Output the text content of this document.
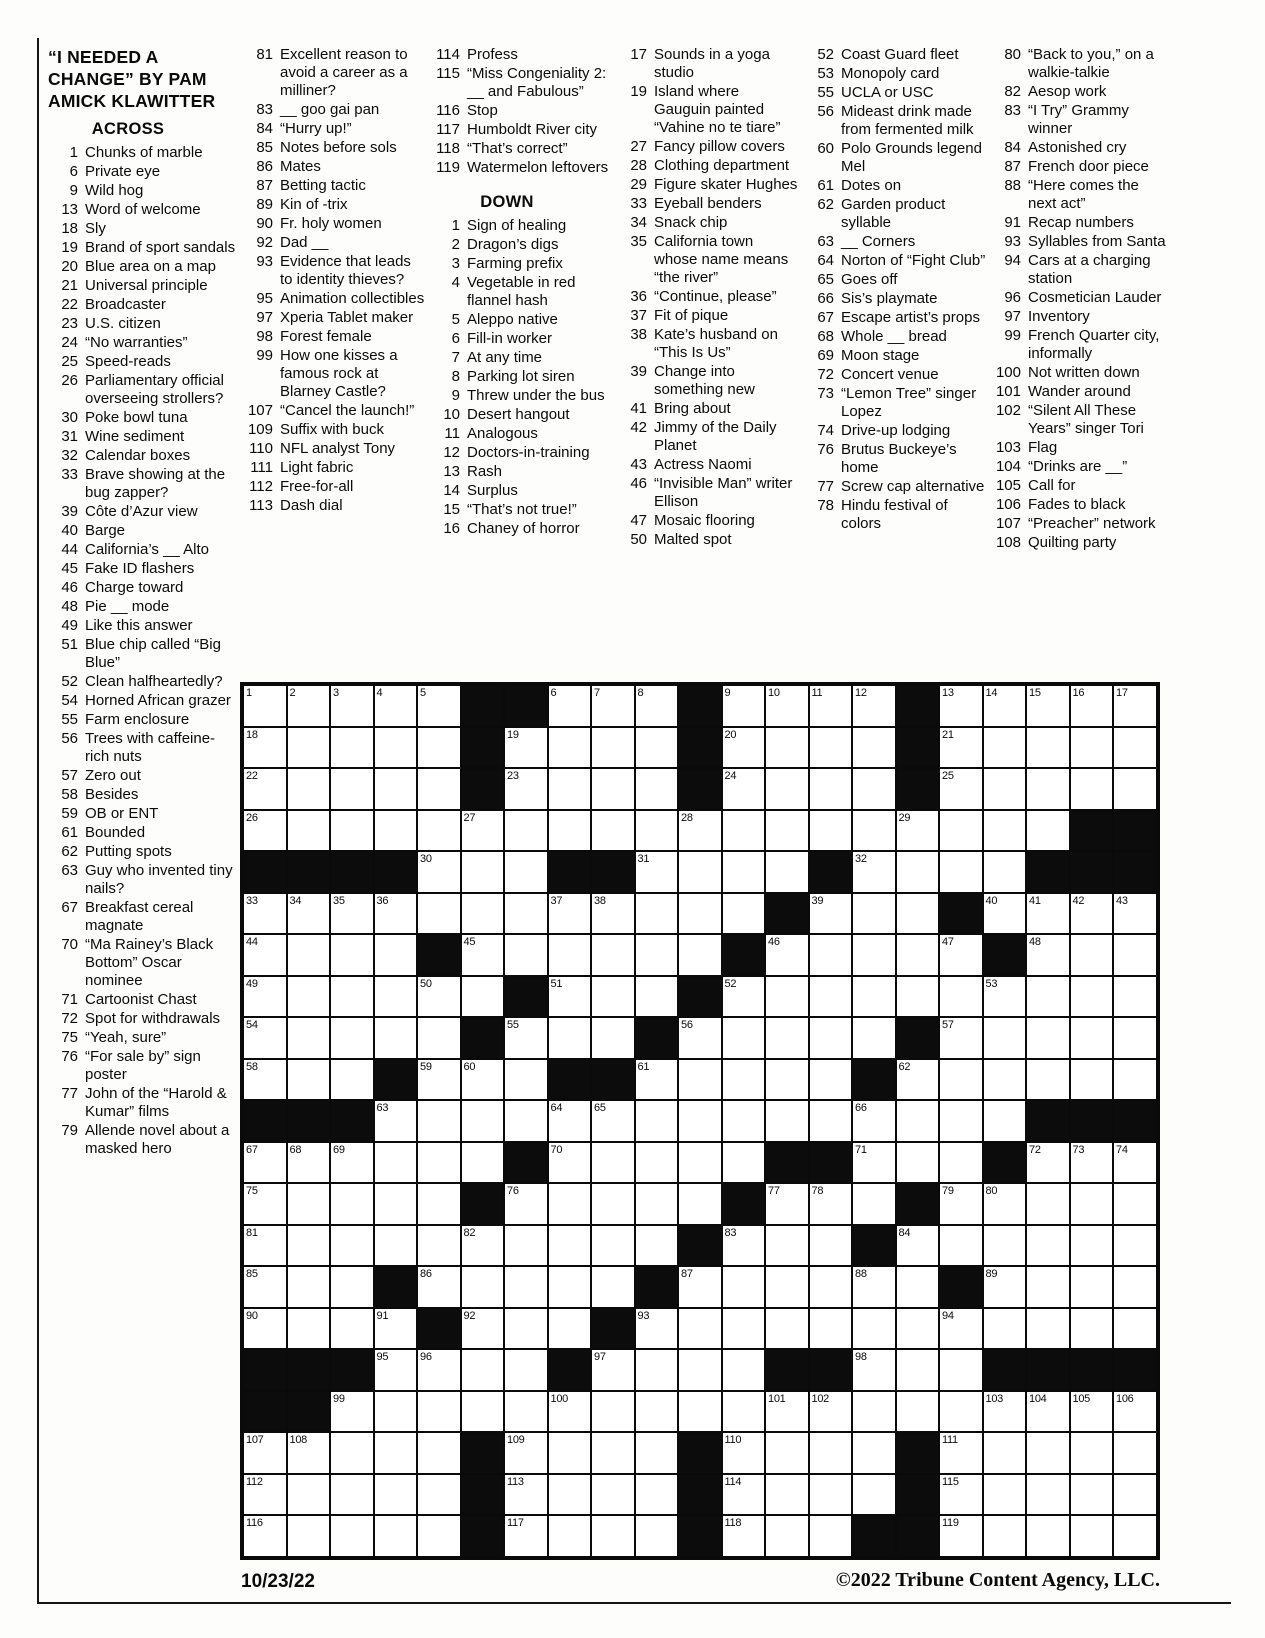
“I NEEDED A CHANGE” BY PAM AMICK KLAWITTER
ACROSS
1 Chunks of marble
6 Private eye
9 Wild hog
13 Word of welcome
18 Sly
19 Brand of sport sandals
20 Blue area on a map
21 Universal principle
22 Broadcaster
23 U.S. citizen
24 “No warranties”
25 Speed-reads
26 Parliamentary official overseeing strollers?
30 Poke bowl tuna
31 Wine sediment
32 Calendar boxes
33 Brave showing at the bug zapper?
39 Côte d’Azur view
40 Barge
44 California’s __ Alto
45 Fake ID flashers
46 Charge toward
48 Pie __ mode
49 Like this answer
51 Blue chip called “Big Blue”
52 Clean halfheartedly?
54 Horned African grazer
55 Farm enclosure
56 Trees with caffeine-rich nuts
57 Zero out
58 Besides
59 OB or ENT
61 Bounded
62 Putting spots
63 Guy who invented tiny nails?
67 Breakfast cereal magnate
70 “Ma Rainey’s Black Bottom” Oscar nominee
71 Cartoonist Chast
72 Spot for withdrawals
75 “Yeah, sure”
76 “For sale by” sign poster
77 John of the “Harold & Kumar” films
79 Allende novel about a masked hero
81 Excellent reason to avoid a career as a milliner?
83 __ goo gai pan
84 “Hurry up!”
85 Notes before sols
86 Mates
87 Betting tactic
89 Kin of -trix
90 Fr. holy women
92 Dad __
93 Evidence that leads to identity thieves?
95 Animation collectibles
97 Xperia Tablet maker
98 Forest female
99 How one kisses a famous rock at Blarney Castle?
107 “Cancel the launch!”
109 Suffix with buck
110 NFL analyst Tony
111 Light fabric
112 Free-for-all
113 Dash dial
114 Profess
115 “Miss Congeniality 2: __ and Fabulous”
116 Stop
117 Humboldt River city
118 “That’s correct”
119 Watermelon leftovers
DOWN
1 Sign of healing
2 Dragon’s digs
3 Farming prefix
4 Vegetable in red flannel hash
5 Aleppo native
6 Fill-in worker
7 At any time
8 Parking lot siren
9 Threw under the bus
10 Desert hangout
11 Analogous
12 Doctors-in-training
13 Rash
14 Surplus
15 “That’s not true!”
16 Chaney of horror
17 Sounds in a yoga studio
19 Island where Gauguin painted “Vahine no te tiare”
27 Fancy pillow covers
28 Clothing department
29 Figure skater Hughes
33 Eyeball benders
34 Snack chip
35 California town whose name means “the river”
36 “Continue, please”
37 Fit of pique
38 Kate’s husband on “This Is Us”
39 Change into something new
41 Bring about
42 Jimmy of the Daily Planet
43 Actress Naomi
46 “Invisible Man” writer Ellison
47 Mosaic flooring
50 Malted spot
52 Coast Guard fleet
53 Monopoly card
55 UCLA or USC
56 Mideast drink made from fermented milk
60 Polo Grounds legend Mel
61 Dotes on
62 Garden product syllable
63 __ Corners
64 Norton of “Fight Club”
65 Goes off
66 Sis’s playmate
67 Escape artist’s props
68 Whole __ bread
69 Moon stage
72 Concert venue
73 “Lemon Tree” singer Lopez
74 Drive-up lodging
76 Brutus Buckeye’s home
77 Screw cap alternative
78 Hindu festival of colors
80 “Back to you,” on a walkie-talkie
82 Aesop work
83 “I Try” Grammy winner
84 Astonished cry
87 French door piece
88 “Here comes the next act”
91 Recap numbers
93 Syllables from Santa
94 Cars at a charging station
96 Cosmetician Lauder
97 Inventory
99 French Quarter city, informally
100 Not written down
101 Wander around
102 “Silent All These Years” singer Tori
103 Flag
104 “Drinks are __”
105 Call for
106 Fades to black
107 “Preacher” network
108 Quilting party
1	2	3	4	5	6	7	8	9	10	11	12	13	14	15	16	17
18	19	20	21
22	23	24	25
26	27	28	29
30	31	32
33	34	35	36	37	38	39	40	41	42	43
44	45	46	47	48
49	50	51	52	53
54	55	56	57
58	59	60	61	62
63	64	65	66
67	68	69	70	71	72	73	74
75	76	77	78	79	80
81	82	83	84
85	86	87	88	89
90	91	92	93	94
95	96	97	98
99	100	101 102	103 104 105 106
107 108	109	110	111
112	113	114	115
116	117	118	119
10/23/22	©2022 Tribune Content Agency, LLC.
